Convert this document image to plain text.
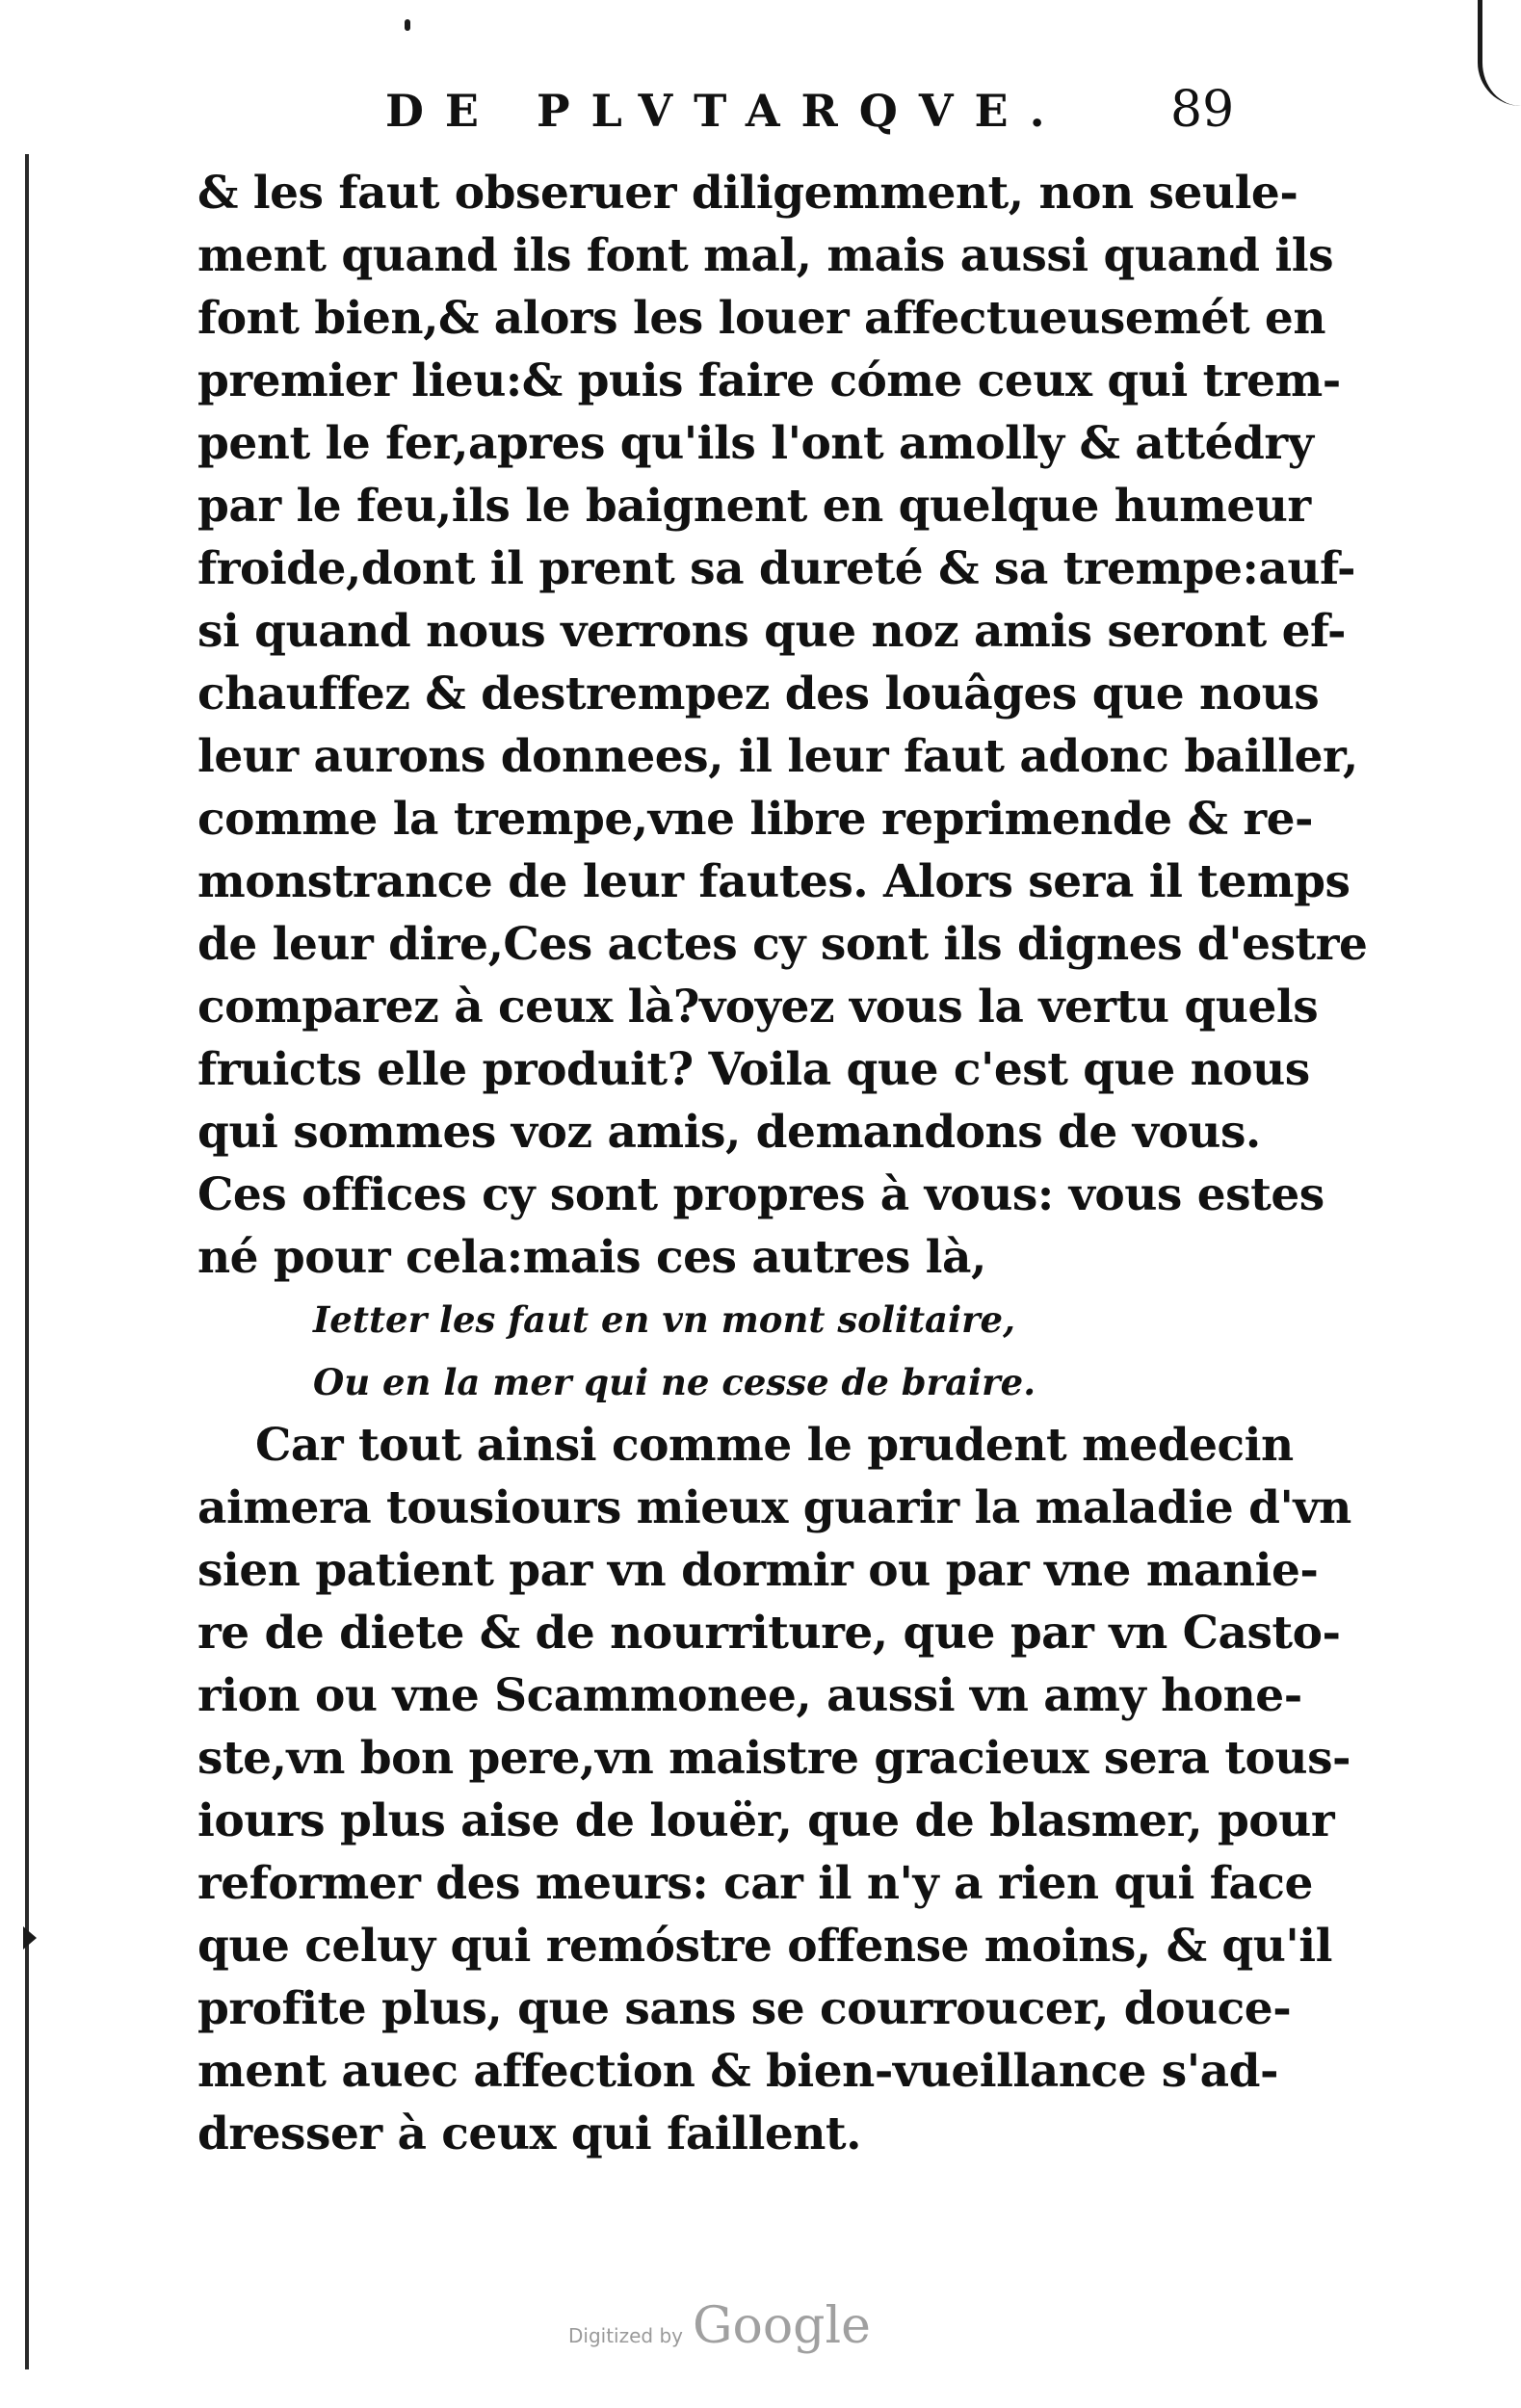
DE PLVTARQVE. 89
& les faut obseruer diligemment, non seule-
ment quand ils font mal, mais aussi quand ils
font bien,& alors les louer affectueusemét en
premier lieu:& puis faire cóme ceux qui trem-
pent le fer,apres qu'ils l'ont amolly & attédry
par le feu,ils le baignent en quelque humeur
froide,dont il prent sa dureté & sa trempe:auf-
si quand nous verrons que noz amis seront ef-
chauffez & destrempez des louâges que nous
leur aurons donnees, il leur faut adonc bailler,
comme la trempe,vne libre reprimende & re-
monstrance de leur fautes. Alors sera il temps
de leur dire,Ces actes cy sont ils dignes d'estre
comparez à ceux là?voyez vous la vertu quels
fruicts elle produit? Voila que c'est que nous
qui sommes voz amis, demandons de vous.
Ces offices cy sont propres à vous: vous estes
né pour cela:mais ces autres là,
Ietter les faut en vn mont solitaire,
Ou en la mer qui ne cesse de braire.
Car tout ainsi comme le prudent medecin
aimera tousiours mieux guarir la maladie d'vn
sien patient par vn dormir ou par vne manie-
re de diete & de nourriture, que par vn Casto-
rion ou vne Scammonee, aussi vn amy hone-
ste,vn bon pere,vn maistre gracieux sera tous-
iours plus aise de louër, que de blasmer, pour
reformer des meurs: car il n'y a rien qui face
que celuy qui remóstre offense moins, & qu'il
profite plus, que sans se courroucer, douce-
ment auec affection & bien-vueillance s'ad-
dresser à ceux qui faillent.
Digitized by Google
